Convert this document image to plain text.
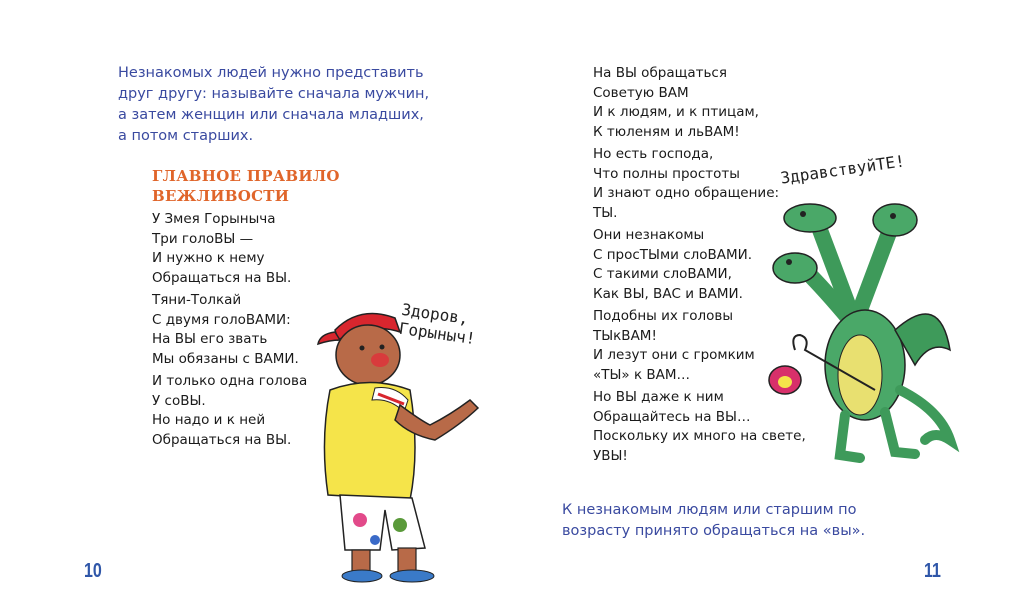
Незнакомых людей нужно представить
друг другу: называйте сначала мужчин,
а затем женщин или сначала младших,
а потом старших.

ГЛАВНОЕ ПРАВИЛО
ВЕЖЛИВОСТИ

У Змея Горыныча
Три голоВЫ —
И нужно к нему
Обращаться на ВЫ.

Тяни-Толкай
С двумя голоВАМИ:
На ВЫ его звать
Мы обязаны с ВАМИ.

И только одна голова
У соВЫ.
Но надо и к ней
Обращаться на ВЫ.

Здоров,
Горыныч!
10

На ВЫ обращаться
Советую ВАМ
И к людям, и к птицам,
К тюленям и льВАМ!

Но есть господа,
Что полны простоты
И знают одно обращение:
ТЫ.

Они незнакомы
С просТЫми слоВАМИ.
С такими слоВАМИ,
Как ВЫ, ВАС и ВАМИ.

Подобны их головы
ТЫкВАМ!
И лезут они с громким
«ТЫ» к ВАМ…

Но ВЫ даже к ним
Обращайтесь на ВЫ…
Поскольку их много на свете,
УВЫ!

ЗдравствуйТЕ!

К незнакомым людям или старшим по
возрасту принято обращаться на «вы».

11
